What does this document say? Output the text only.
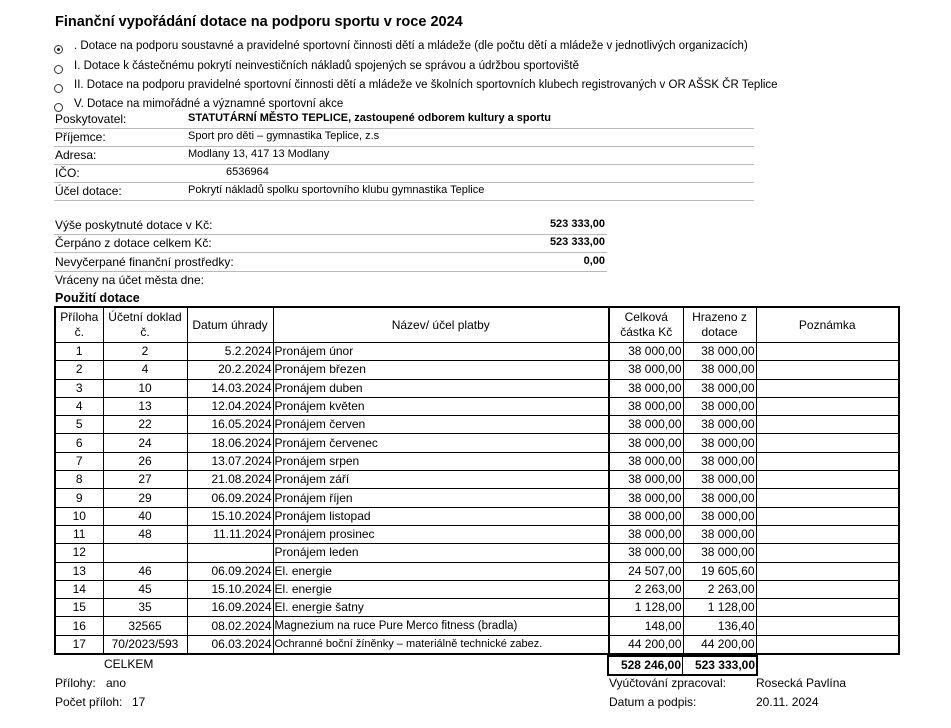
Finanční vypořádání dotace na podporu sportu v roce 2024
. Dotace na podporu soustavné a pravidelné sportovní činnosti dětí a mládeže (dle počtu dětí a mládeže v jednotlivých organizacích)
I. Dotace k částečnému pokrytí neinvestičních nákladů spojených se správou a údržbou sportoviště
II. Dotace na podporu pravidelné sportovní činnosti dětí a mládeže ve školních sportovních klubech registrovaných v OR AŠSK ČR Teplice
V. Dotace na mimořádné a významné sportovní akce
Poskytovatel:	STATUTÁRNÍ MĚSTO TEPLICE, zastoupené odborem kultury a sportu
Příjemce:	Sport pro děti – gymnastika Teplice, z.s
Adresa:	Modlany 13, 417 13 Modlany
IČO:	6536964
Účel dotace:	Pokrytí nákladů spolku sportovního klubu gymnastika Teplice
Výše poskytnuté dotace v Kč:	523 333,00
Čerpáno z dotace celkem Kč:	523 333,00
Nevyčerpané finanční prostředky:	0,00
Vráceny na účet města dne:
Použití dotace
Příloha č.	Účetní doklad č.	Datum úhrady	Název/ účel platby	Celková částka Kč	Hrazeno z dotace	Poznámka
1	2	5.2.2024	Pronájem únor	38 000,00	38 000,00	
2	4	20.2.2024	Pronájem březen	38 000,00	38 000,00	
3	10	14.03.2024	Pronájem duben	38 000,00	38 000,00	
4	13	12.04.2024	Pronájem květen	38 000,00	38 000,00	
5	22	16.05.2024	Pronájem červen	38 000,00	38 000,00	
6	24	18.06.2024	Pronájem červenec	38 000,00	38 000,00	
7	26	13.07.2024	Pronájem srpen	38 000,00	38 000,00	
8	27	21.08.2024	Pronájem září	38 000,00	38 000,00	
9	29	06.09.2024	Pronájem říjen	38 000,00	38 000,00	
10	40	15.10.2024	Pronájem listopad	38 000,00	38 000,00	
11	48	11.11.2024	Pronájem prosinec	38 000,00	38 000,00	
12			Pronájem leden	38 000,00	38 000,00	
13	46	06.09.2024	El. energie	24 507,00	19 605,60	
14	45	15.10.2024	El. energie	2 263,00	2 263,00	
15	35	16.09.2024	El. energie šatny	1 128,00	1 128,00	
16	32565	08.02.2024	Magnezium na ruce Pure Merco fitness (bradla)	148,00	136,40	
17	70/2023/593	06.03.2024	Ochranné boční žíněnky – materiálně technické zabez.	44 200,00	44 200,00	
CELKEM	528 246,00	523 333,00
Přílohy: ano
Počet příloh: 17
Vyúčtování zpracoval:	Rosecká Pavlína
Datum a podpis:	20.11. 2024
